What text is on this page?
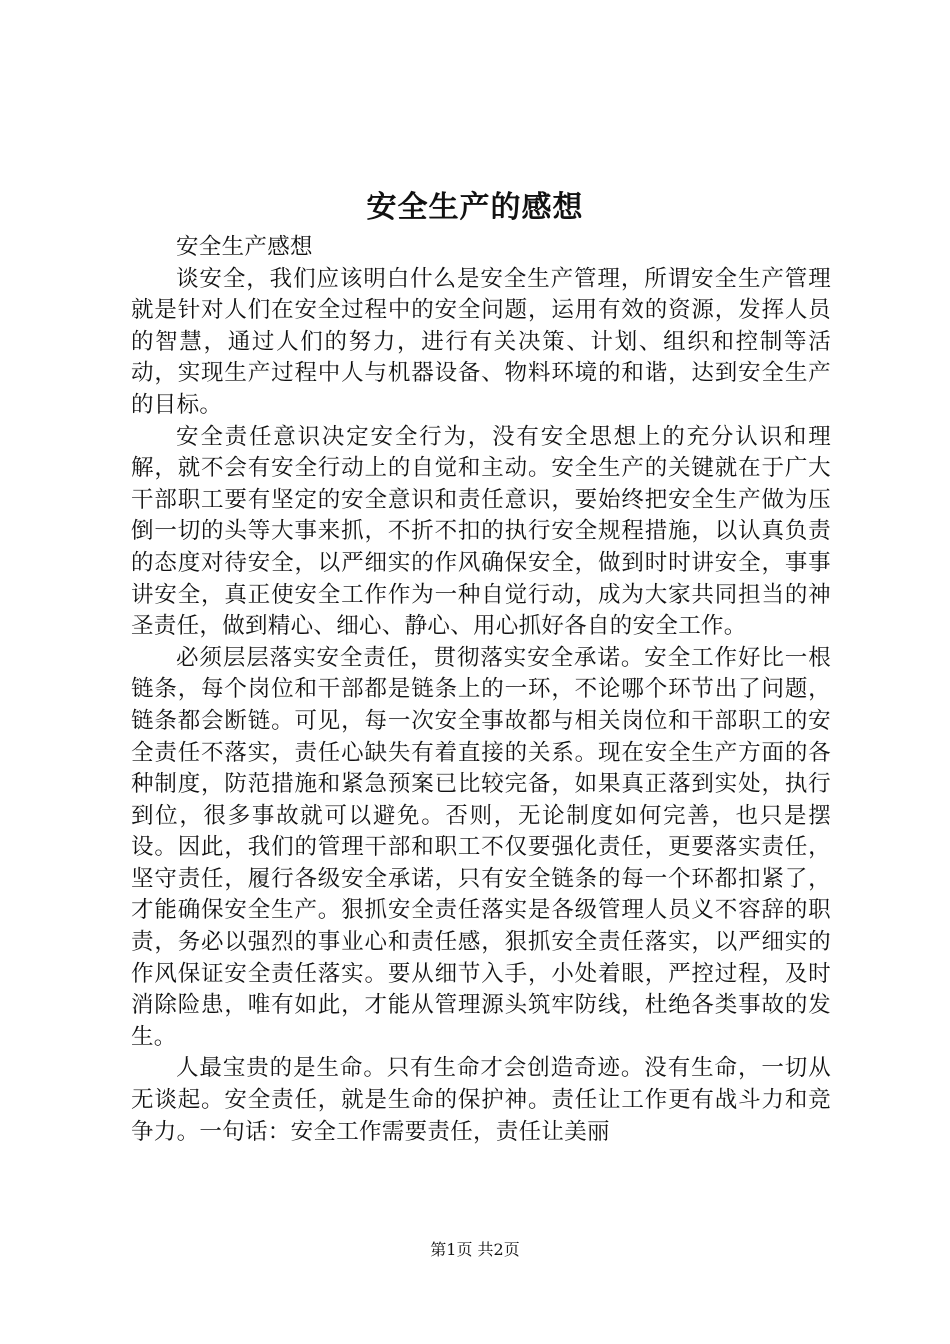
安全生产的感想

安全生产感想

谈安全，我们应该明白什么是安全生产管理，所谓安全生产管理就是针对人们在安全过程中的安全问题，运用有效的资源，发挥人员的智慧，通过人们的努力，进行有关决策、计划、组织和控制等活动，实现生产过程中人与机器设备、物料环境的和谐，达到安全生产的目标。

安全责任意识决定安全行为，没有安全思想上的充分认识和理解，就不会有安全行动上的自觉和主动。安全生产的关键就在于广大干部职工要有坚定的安全意识和责任意识，要始终把安全生产做为压倒一切的头等大事来抓，不折不扣的执行安全规程措施，以认真负责的态度对待安全，以严细实的作风确保安全，做到时时讲安全，事事讲安全，真正使安全工作作为一种自觉行动，成为大家共同担当的神圣责任，做到精心、细心、静心、用心抓好各自的安全工作。

必须层层落实安全责任，贯彻落实安全承诺。安全工作好比一根链条，每个岗位和干部都是链条上的一环，不论哪个环节出了问题，链条都会断链。可见，每一次安全事故都与相关岗位和干部职工的安全责任不落实，责任心缺失有着直接的关系。现在安全生产方面的各种制度，防范措施和紧急预案已比较完备，如果真正落到实处，执行到位，很多事故就可以避免。否则，无论制度如何完善，也只是摆设。因此，我们的管理干部和职工不仅要强化责任，更要落实责任，坚守责任，履行各级安全承诺，只有安全链条的每一个环都扣紧了，才能确保安全生产。狠抓安全责任落实是各级管理人员义不容辞的职责，务必以强烈的事业心和责任感，狠抓安全责任落实，以严细实的作风保证安全责任落实。要从细节入手，小处着眼，严控过程，及时消除险患，唯有如此，才能从管理源头筑牢防线，杜绝各类事故的发生。

人最宝贵的是生命。只有生命才会创造奇迹。没有生命，一切从无谈起。安全责任，就是生命的保护神。责任让工作更有战斗力和竞争力。一句话：安全工作需要责任，责任让美丽

第1页 共2页
